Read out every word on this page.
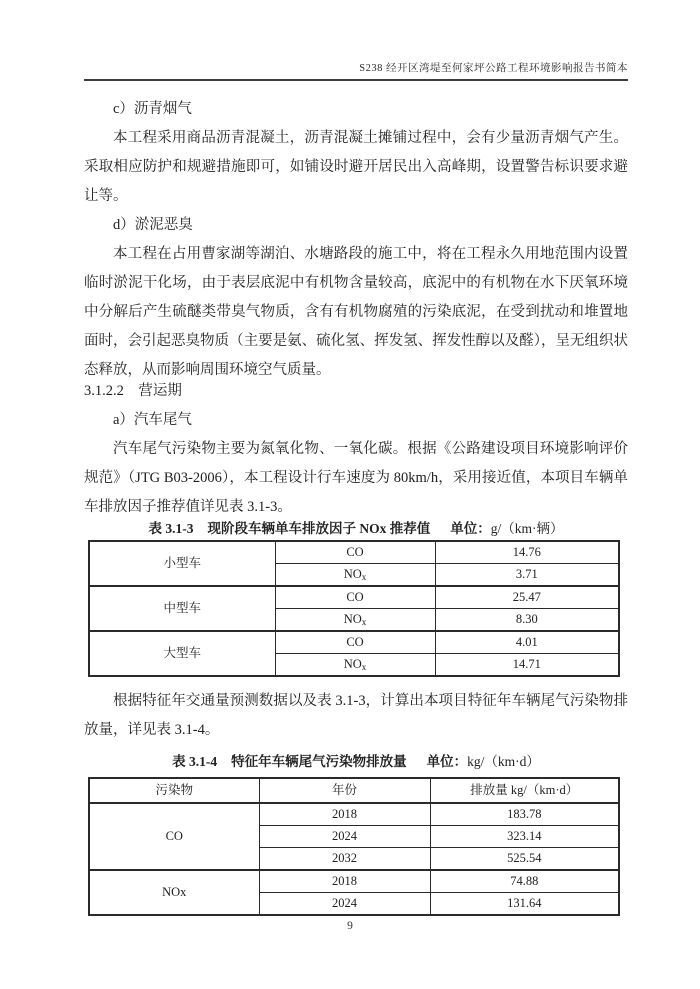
S238 经开区湾堤至何家坪公路工程环境影响报告书简本
c）沥青烟气

本工程采用商品沥青混凝土，沥青混凝土摊铺过程中，会有少量沥青烟气产生。采取相应防护和规避措施即可，如铺设时避开居民出入高峰期，设置警告标识要求避让等。

d）淤泥恶臭

本工程在占用曹家湖等湖泊、水塘路段的施工中，将在工程永久用地范围内设置临时淤泥干化场，由于表层底泥中有机物含量较高，底泥中的有机物在水下厌氧环境中分解后产生硫醚类带臭气物质，含有有机物腐殖的污染底泥，在受到扰动和堆置地面时，会引起恶臭物质（主要是氨、硫化氢、挥发氢、挥发性醇以及醛），呈无组织状态释放，从而影响周围环境空气质量。

3.1.2.2　营运期
a）汽车尾气

汽车尾气污染物主要为氮氧化物、一氧化碳。根据《公路建设项目环境影响评价规范》（JTG B03-2006），本工程设计行车速度为 80km/h，采用接近值，本项目车辆单车排放因子推荐值详见表 3.1-3。

表 3.1-3 现阶段车辆单车排放因子 NOx 推荐值 单位：g/（km·辆）
小型车	CO	14.76
	$NO_x$	3.71
中型车	CO	25.47
	$NO_x$	8.30
大型车	CO	4.01
	$NO_x$	14.71

根据特征年交通量预测数据以及表 3.1-3，计算出本项目特征年车辆尾气污染物排放量，详见表 3.1-4。

表 3.1-4 特征年车辆尾气污染物排放量 单位：kg/（km·d）
污染物	年份	排放量 kg/（km·d）
CO	2018	183.78
	2024	323.14
	2032	525.54
NOx	2018	74.88
	2024	131.64
9
